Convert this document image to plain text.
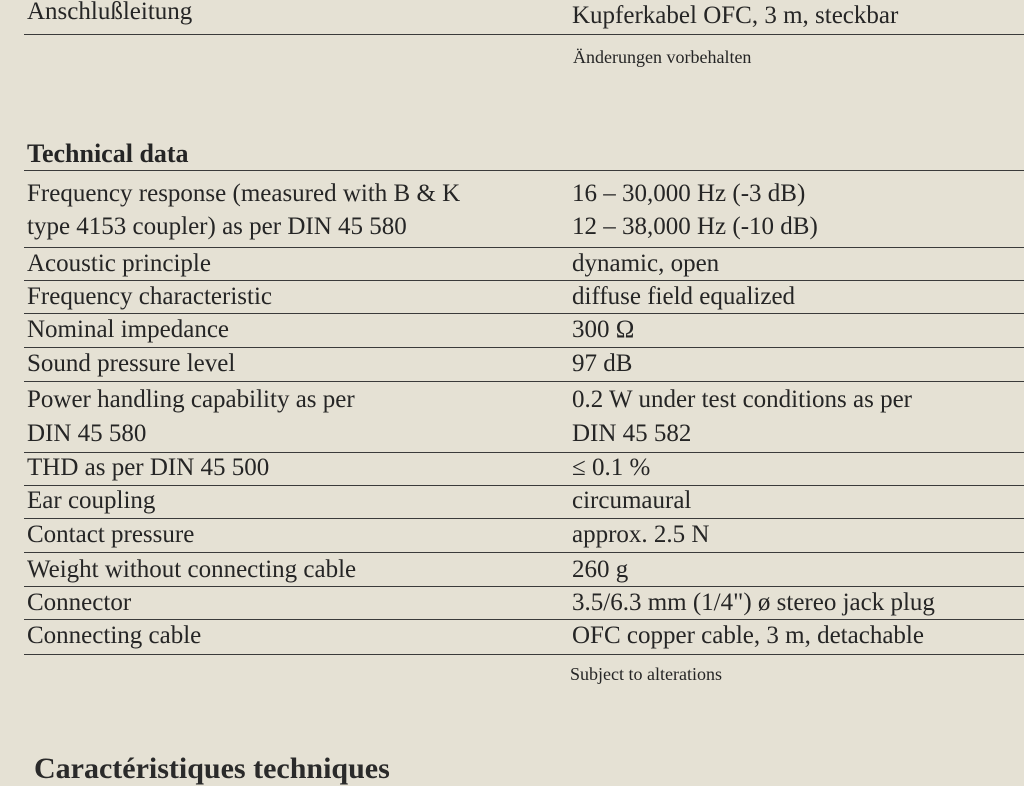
Anschlußleitung	Kupferkabel OFC, 3 m, steckbar
Änderungen vorbehalten
Technical data
Frequency response (measured with B & K	16 – 30,000 Hz (-3 dB)
type 4153 coupler) as per DIN 45 580	12 – 38,000 Hz (-10 dB)
Acoustic principle	dynamic, open
Frequency characteristic	diffuse field equalized
Nominal impedance	300 Ω
Sound pressure level	97 dB
Power handling capability as per	0.2 W under test conditions as per
DIN 45 580	DIN 45 582
THD as per DIN 45 500	≤ 0.1 %
Ear coupling	circumaural
Contact pressure	approx. 2.5 N
Weight without connecting cable	260 g
Connector	3.5/6.3 mm (1/4") ø stereo jack plug
Connecting cable	OFC copper cable, 3 m, detachable
Subject to alterations
Caractéristiques techniques
